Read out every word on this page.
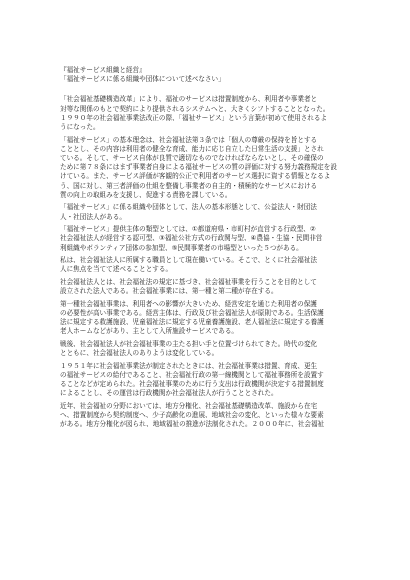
『福祉サービス組織と経営』
「福祉サービスに係る組織や団体について述べなさい」
「社会福祉基礎構造改革」により、福祉のサービスは措置制度から、利用者や事業者と
対等な関係のもとで契約により提供されるシステムへと、大きくシフトすることとなった。
１９９０年の社会福祉事業法改正の際、「福祉サービス」という言葉が初めて使用されるよ
うになった。
「福祉サービス」の基本理念は、社会福祉法第３条では「個人の尊厳の保持を旨とする
こととし、その内容は利用者の健全な育成、能力に応じ自立した日常生活の支援」とされ
ている。そして、サービス自体が良質で適切なものでなければならないとし、その確保の
ために第７８条にはまず事業者自身による福祉サービスの質の評価に対する努力義務規定を設
けている。また、サービス評価が客観的公正で利用者のサービス選択に資する情報となるよ
う、国に対し、第三者評価の仕組を整備し事業者の自主的・積極的なサービスにおける
質の向上の取組みを支援し、促進する責務を課している。
「福祉サービス」に係る組織や団体として、法人の基本形態として、公益法人・財団法
人・社団法人がある。
「福祉サービス」提供主体の類型としては、①都道府県・市町村が直営する行政型、②
社会福祉法人が経営する認可型、③福祉公社方式の行政関与型、④農協・生協・民間非営
利組織やボランティア団体の参加型、⑤民間事業者の市場型といった５つがある。
私は、社会福祉法人に所属する職員として現在働いている。そこで、とくに社会福祉法
人に焦点を当てて述べることとする。
社会福祉法人とは、社会福祉法の規定に基づき、社会福祉事業を行うことを目的として
設立された法人である。社会福祉事業には、第一種と第二種が存在する。
第一種社会福祉事業は、利用者への影響が大きいため、経営安定を通じた利用者の保護
の必要性が高い事業である。経営主体は、行政及び社会福祉法人が原則である。生活保護
法に規定する救護施設、児童福祉法に規定する児童養護施設、老人福祉法に規定する養護
老人ホームなどがあり、主として入所施設サービスである。
戦後、社会福祉法人が社会福祉事業の主たる担い手と位置づけられてきた。時代の変化
とともに、社会福祉法人のありようは変化している。
１９５１年に社会福祉事業法が制定されたときには、社会福祉事業は措置、育成、更生
の福祉サービスの給付であること、社会福祉行政の第一線機関として福祉事務所を設置す
ることなどが定められた。社会福祉事業のために行う支出は行政機関が決定する措置制度
によることし、その運営は行政機関か社会福祉法人が行うこととされた。
近年、社会福祉の分野においては、地方分権化、社会福祉基礎構造改革、施設から在宅
へ、措置制度から契約制度へ、少子高齢化の進展、地域社会の変化、といった様々な要素
がある。地方分権化が図られ、地域福祉の推進が法制化された。２０００年に、社会福祉
